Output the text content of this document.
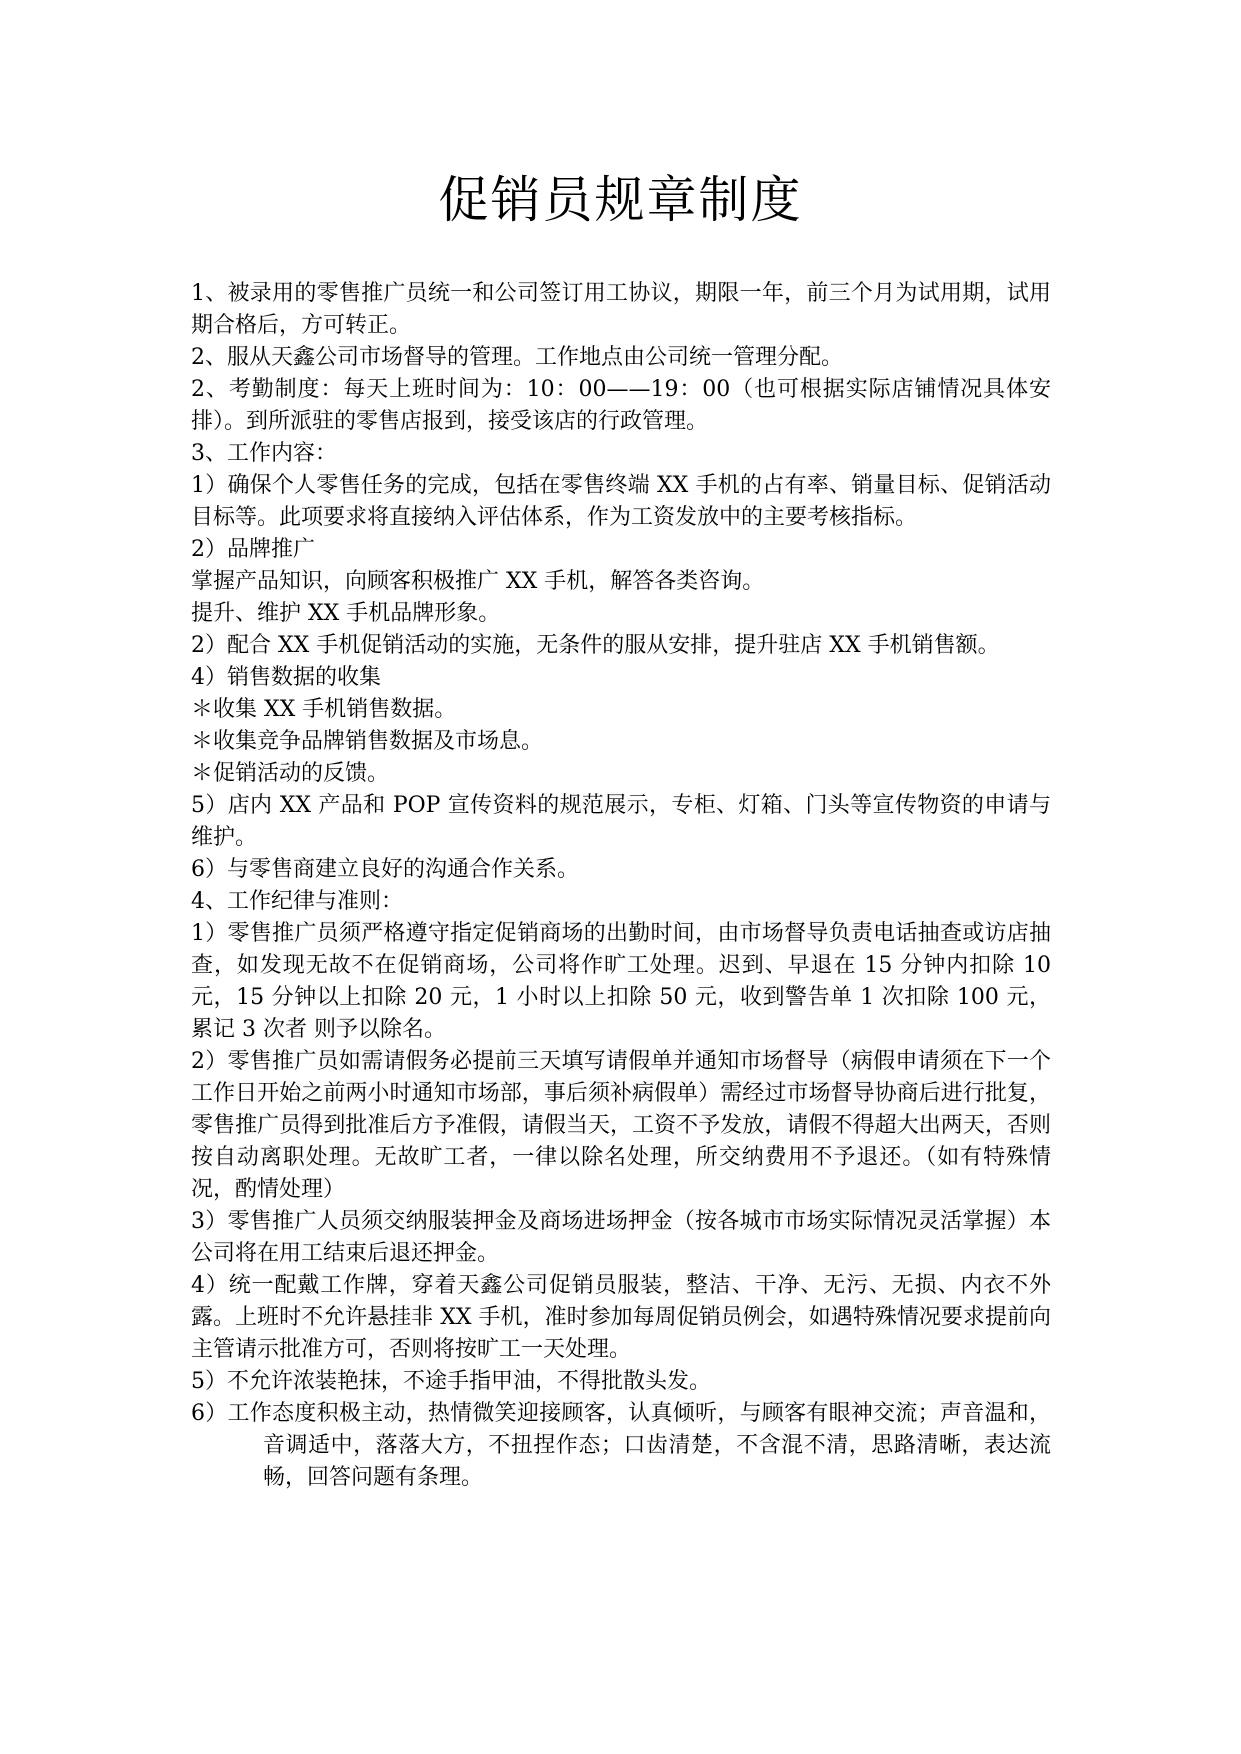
促销员规章制度

1、被录用的零售推广员统一和公司签订用工协议，期限一年，前三个月为试用期，试用期合格后，方可转正。

2、服从天鑫公司市场督导的管理。工作地点由公司统一管理分配。

2、考勤制度：每天上班时间为：10：00——19：00（也可根据实际店铺情况具体安排）。到所派驻的零售店报到，接受该店的行政管理。

3、工作内容：

1）确保个人零售任务的完成，包括在零售终端 XX 手机的占有率、销量目标、促销活动目标等。此项要求将直接纳入评估体系，作为工资发放中的主要考核指标。

2）品牌推广

掌握产品知识，向顾客积极推广 XX 手机，解答各类咨询。

提升、维护 XX 手机品牌形象。

2）配合 XX 手机促销活动的实施，无条件的服从安排，提升驻店 XX 手机销售额。

4）销售数据的收集

＊收集 XX 手机销售数据。

＊收集竞争品牌销售数据及市场息。

＊促销活动的反馈。

5）店内 XX 产品和 POP 宣传资料的规范展示，专柜、灯箱、门头等宣传物资的申请与维护。

6）与零售商建立良好的沟通合作关系。

4、工作纪律与准则：

1）零售推广员须严格遵守指定促销商场的出勤时间，由市场督导负责电话抽查或访店抽查，如发现无故不在促销商场，公司将作旷工处理。迟到、早退在 15 分钟内扣除 10 元，15 分钟以上扣除 20 元，1 小时以上扣除 50 元，收到警告单 1 次扣除 100 元，累记 3 次者 则予以除名。

2）零售推广员如需请假务必提前三天填写请假单并通知市场督导（病假申请须在下一个工作日开始之前两小时通知市场部，事后须补病假单）需经过市场督导协商后进行批复，零售推广员得到批准后方予准假，请假当天，工资不予发放，请假不得超大出两天，否则按自动离职处理。无故旷工者，一律以除名处理，所交纳费用不予退还。（如有特殊情况，酌情处理）

3）零售推广人员须交纳服装押金及商场进场押金（按各城市市场实际情况灵活掌握）本公司将在用工结束后退还押金。

4）统一配戴工作牌，穿着天鑫公司促销员服装，整洁、干净、无污、无损、内衣不外露。上班时不允许悬挂非 XX 手机，准时参加每周促销员例会，如遇特殊情况要求提前向主管请示批准方可，否则将按旷工一天处理。

5）不允许浓装艳抹，不途手指甲油，不得批散头发。

6）工作态度积极主动，热情微笑迎接顾客，认真倾听，与顾客有眼神交流；声音温和，音调适中，落落大方，不扭捏作态；口齿清楚，不含混不清，思路清晰，表达流畅，回答问题有条理。
